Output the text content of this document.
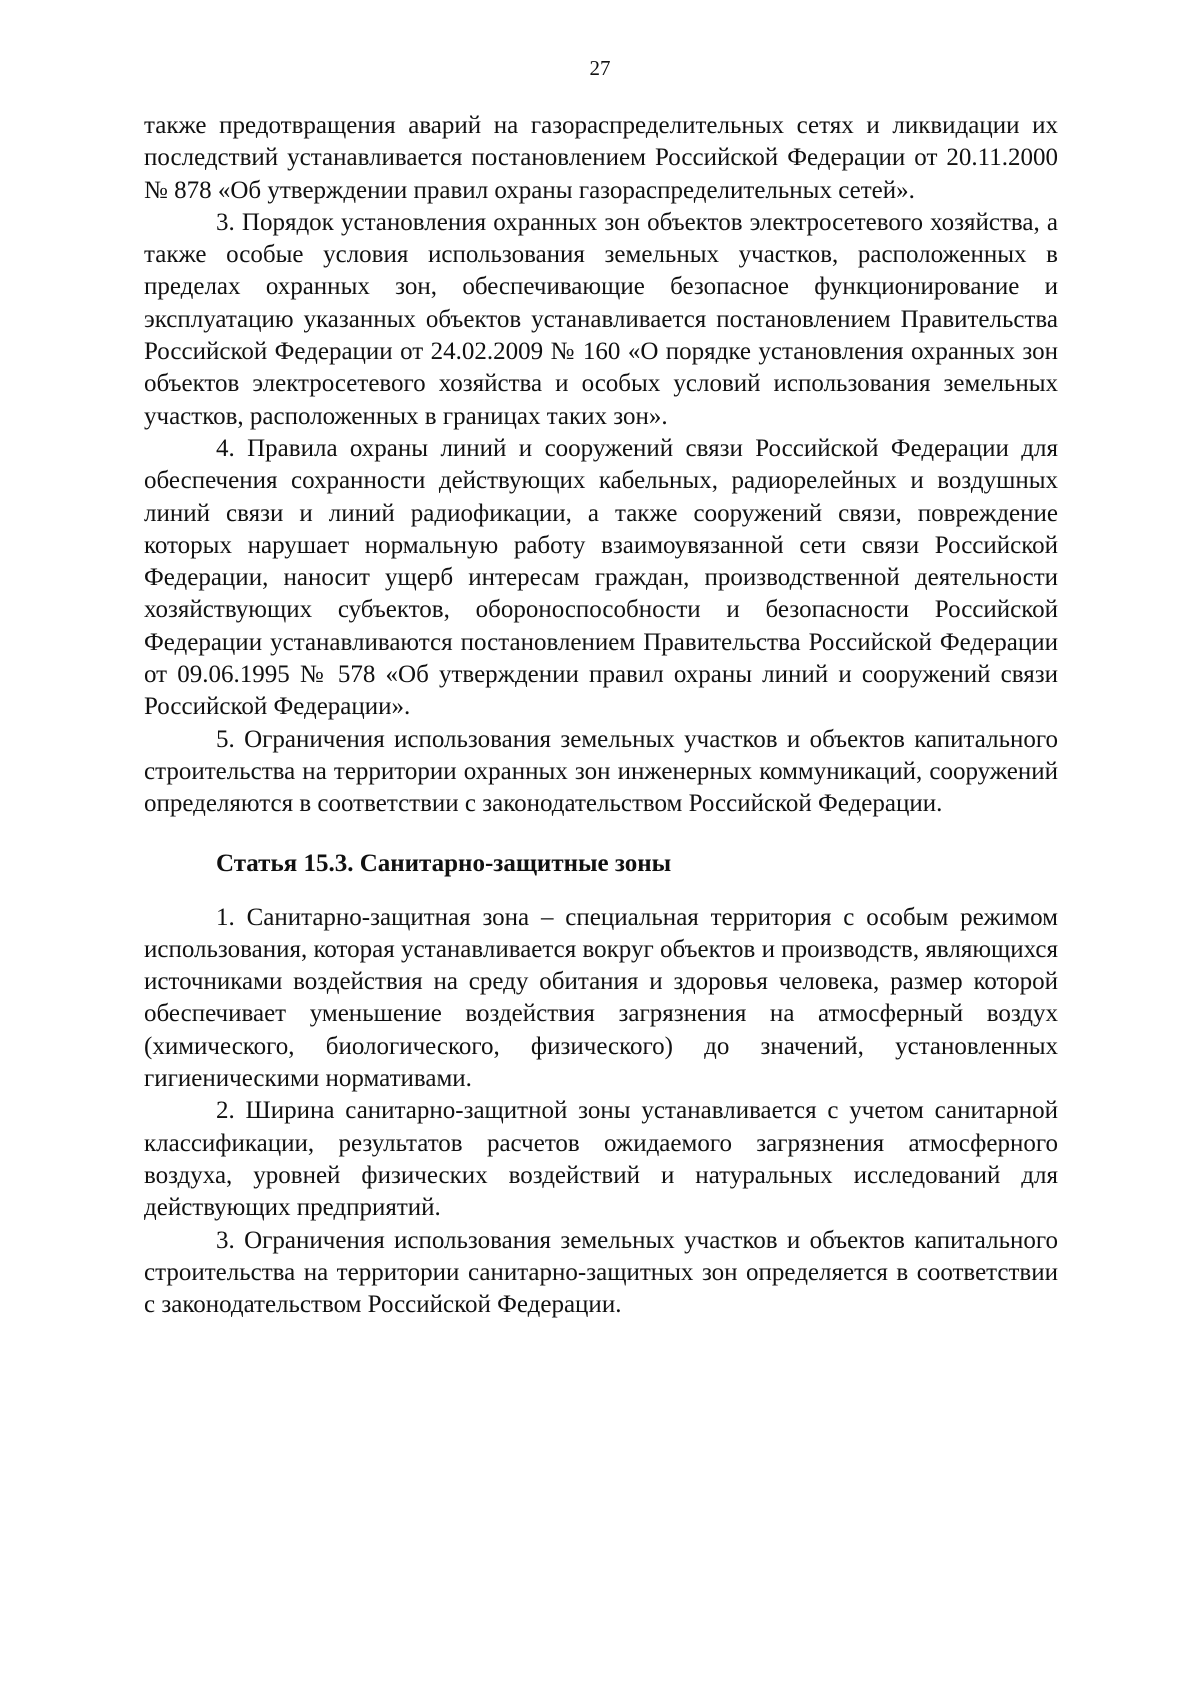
27

также предотвращения аварий на газораспределительных сетях и ликвидации их последствий устанавливается постановлением Российской Федерации от 20.11.2000 № 878 «Об утверждении правил охраны газораспределительных сетей».

3. Порядок установления охранных зон объектов электросетевого хозяйства, а также особые условия использования земельных участков, расположенных в пределах охранных зон, обеспечивающие безопасное функционирование и эксплуатацию указанных объектов устанавливается постановлением Правительства Российской Федерации от 24.02.2009 № 160 «О порядке установления охранных зон объектов электросетевого хозяйства и особых условий использования земельных участков, расположенных в границах таких зон».

4. Правила охраны линий и сооружений связи Российской Федерации для обеспечения сохранности действующих кабельных, радиорелейных и воздушных линий связи и линий радиофикации, а также сооружений связи, повреждение которых нарушает нормальную работу взаимоувязанной сети связи Российской Федерации, наносит ущерб интересам граждан, производственной деятельности хозяйствующих субъектов, обороноспособности и безопасности Российской Федерации устанавливаются постановлением Правительства Российской Федерации от 09.06.1995 № 578 «Об утверждении правил охраны линий и сооружений связи Российской Федерации».

5. Ограничения использования земельных участков и объектов капитального строительства на территории охранных зон инженерных коммуникаций, сооружений определяются в соответствии с законодательством Российской Федерации.

Статья 15.3. Санитарно-защитные зоны

1. Санитарно-защитная зона – специальная территория с особым режимом использования, которая устанавливается вокруг объектов и производств, являющихся источниками воздействия на среду обитания и здоровья человека, размер которой обеспечивает уменьшение воздействия загрязнения на атмосферный воздух (химического, биологического, физического) до значений, установленных гигиеническими нормативами.

2. Ширина санитарно-защитной зоны устанавливается с учетом санитарной классификации, результатов расчетов ожидаемого загрязнения атмосферного воздуха, уровней физических воздействий и натуральных исследований для действующих предприятий.

3. Ограничения использования земельных участков и объектов капитального строительства на территории санитарно-защитных зон определяется в соответствии с законодательством Российской Федерации.
